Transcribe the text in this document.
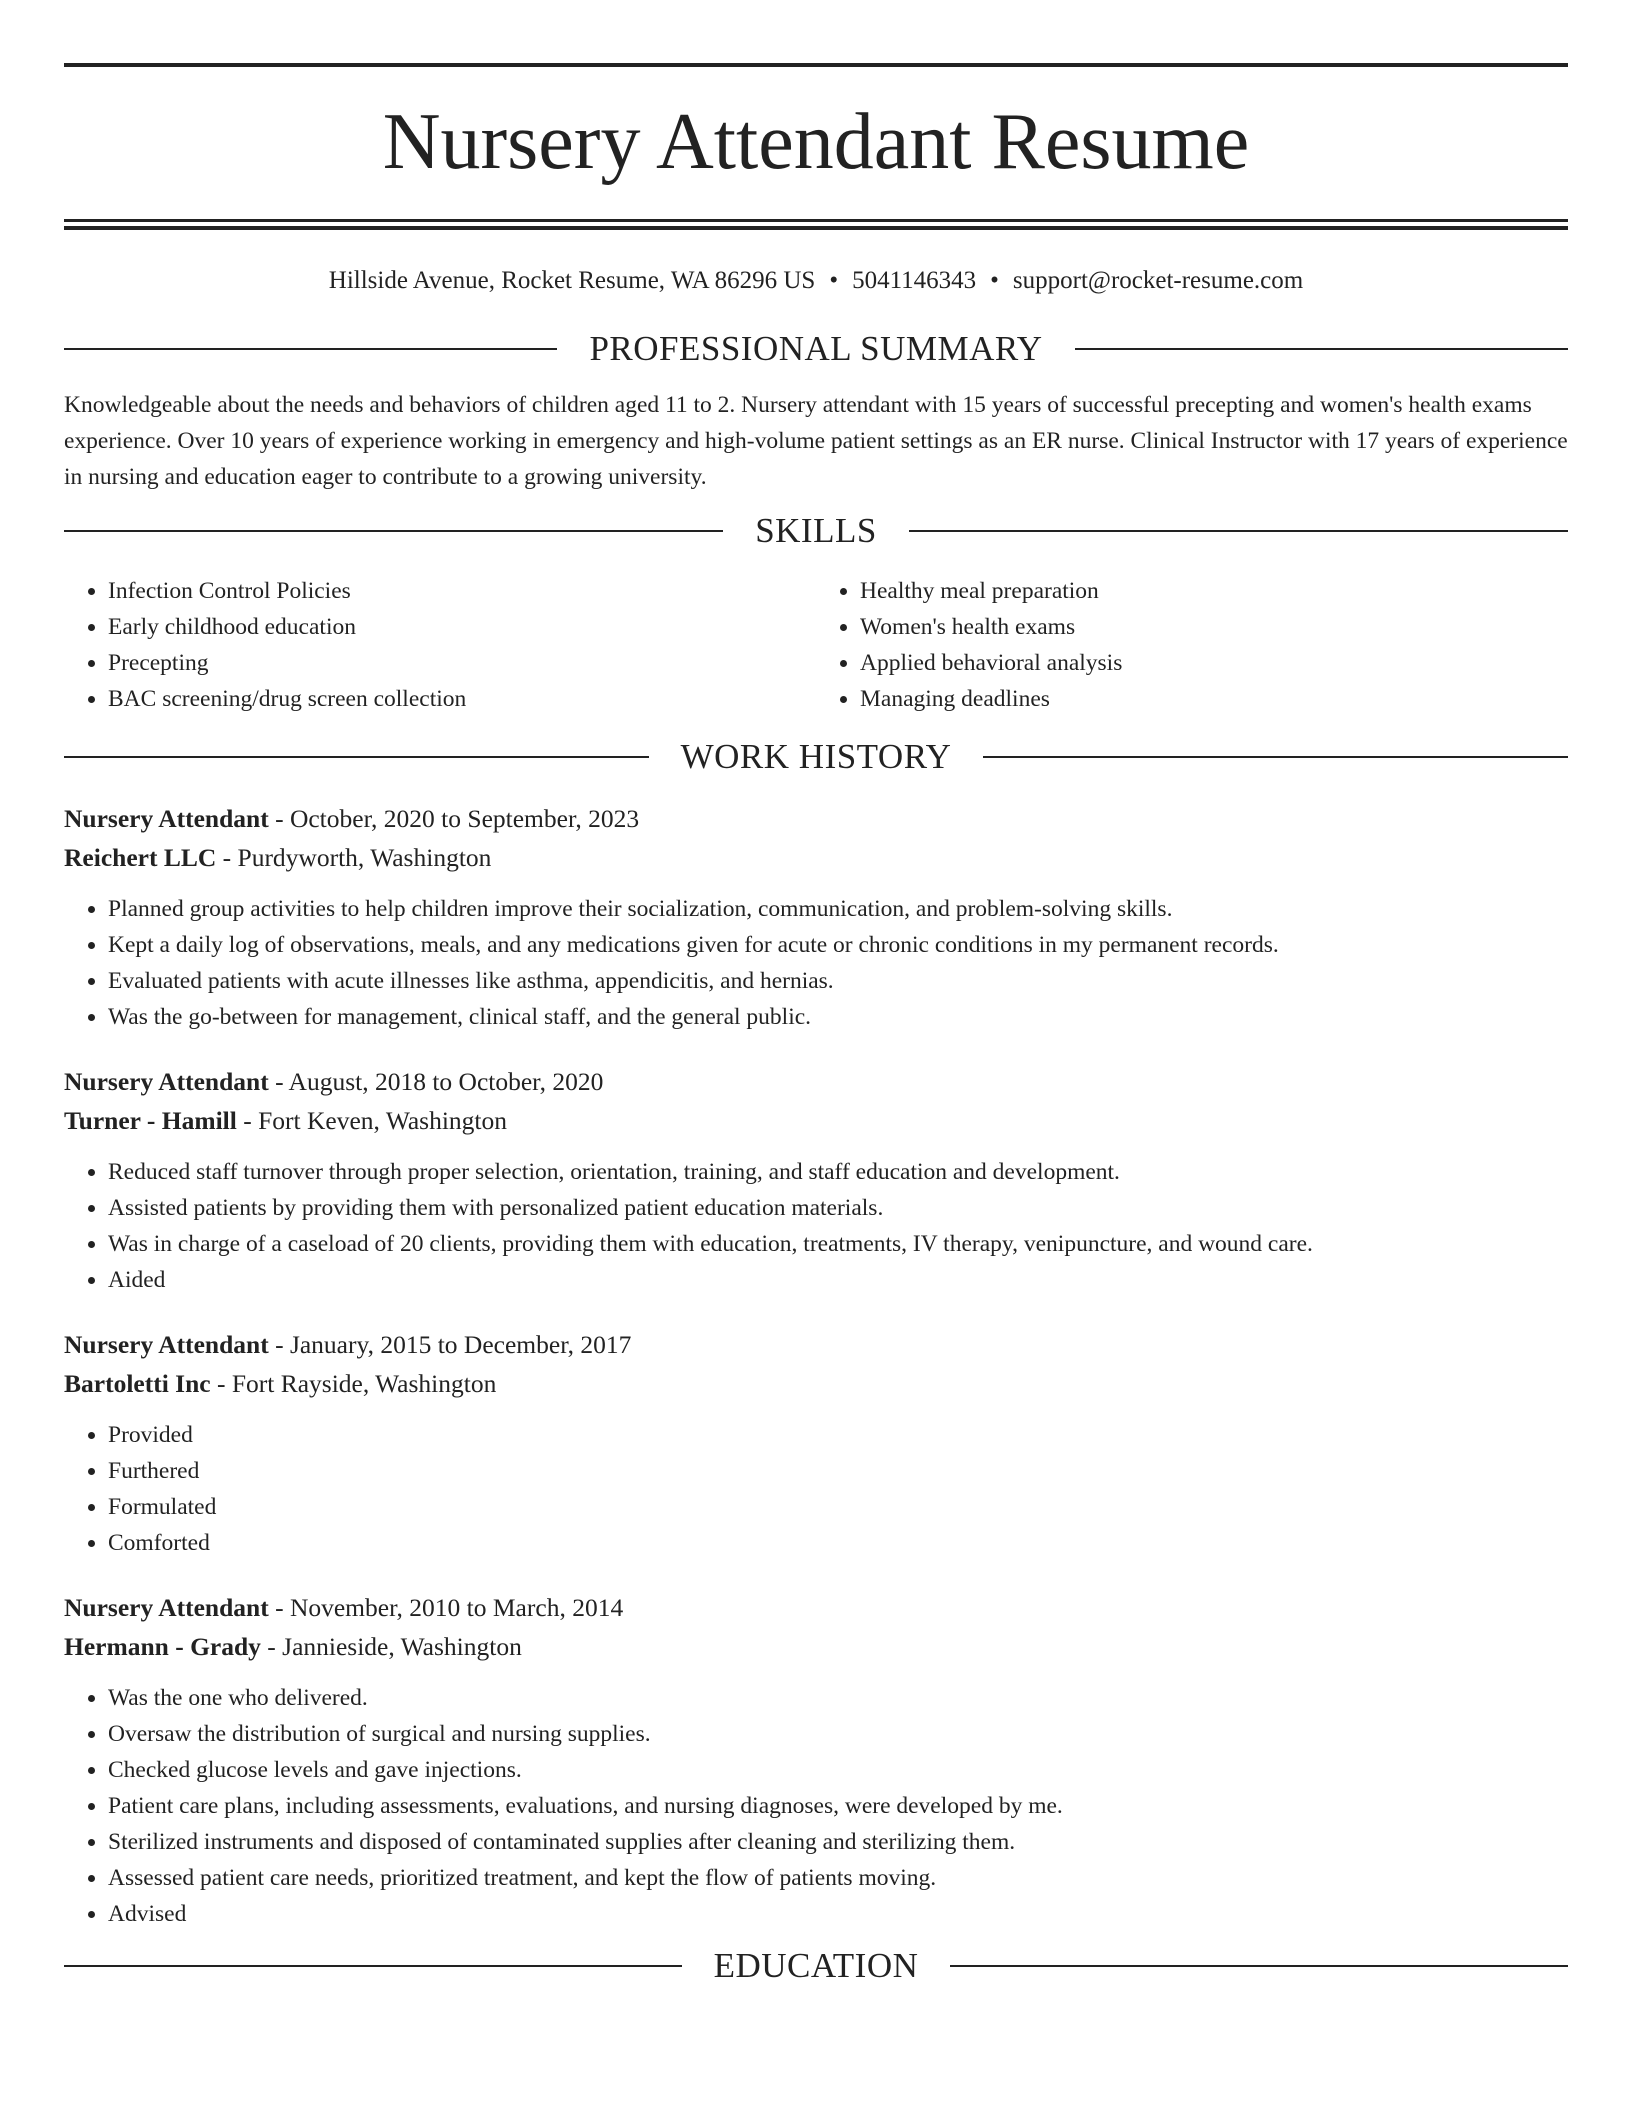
Nursery Attendant Resume
Hillside Avenue, Rocket Resume, WA 86296 US • 5041146343 • support@rocket-resume.com
PROFESSIONAL SUMMARY

Knowledgeable about the needs and behaviors of children aged 11 to 2. Nursery attendant with 15 years of successful precepting and women's health exams experience. Over 10 years of experience working in emergency and high-volume patient settings as an ER nurse. Clinical Instructor with 17 years of experience in nursing and education eager to contribute to a growing university.

SKILLS
• Infection Control Policies
• Early childhood education
• Precepting
• BAC screening/drug screen collection
• Healthy meal preparation
• Women's health exams
• Applied behavioral analysis
• Managing deadlines
WORK HISTORY

Nursery Attendant - October, 2020 to September, 2023

Reichert LLC - Purdyworth, Washington

• Planned group activities to help children improve their socialization, communication, and problem-solving skills.
• Kept a daily log of observations, meals, and any medications given for acute or chronic conditions in my permanent records.
• Evaluated patients with acute illnesses like asthma, appendicitis, and hernias.
• Was the go-between for management, clinical staff, and the general public.

Nursery Attendant - August, 2018 to October, 2020

Turner - Hamill - Fort Keven, Washington

• Reduced staff turnover through proper selection, orientation, training, and staff education and development.
• Assisted patients by providing them with personalized patient education materials.
• Was in charge of a caseload of 20 clients, providing them with education, treatments, IV therapy, venipuncture, and wound care.
• Aided

Nursery Attendant - January, 2015 to December, 2017

Bartoletti Inc - Fort Rayside, Washington

• Provided
• Furthered
• Formulated
• Comforted

Nursery Attendant - November, 2010 to March, 2014

Hermann - Grady - Jannieside, Washington

• Was the one who delivered.
• Oversaw the distribution of surgical and nursing supplies.
• Checked glucose levels and gave injections.
• Patient care plans, including assessments, evaluations, and nursing diagnoses, were developed by me.
• Sterilized instruments and disposed of contaminated supplies after cleaning and sterilizing them.
• Assessed patient care needs, prioritized treatment, and kept the flow of patients moving.
• Advised
EDUCATION
